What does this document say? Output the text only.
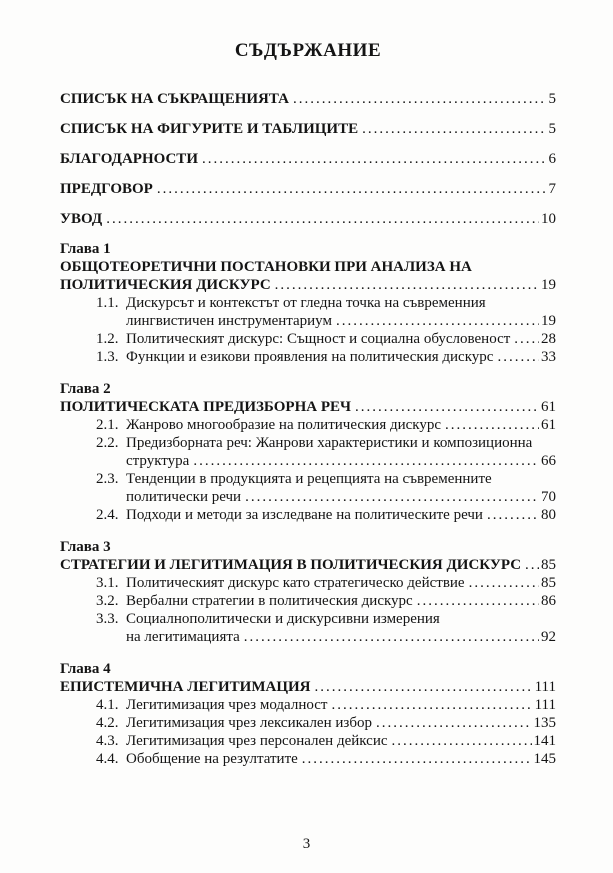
СЪДЪРЖАНИЕ
СПИСЪК НА СЪКРАЩЕНИЯТА .....	5
СПИСЪК НА ФИГУРИТЕ И ТАБЛИЦИТЕ .....	5
БЛАГОДАРНОСТИ .....	6
ПРЕДГОВОР .....	7
УВОД .....	10
Глава 1
ОБЩОТЕОРЕТИЧНИ ПОСТАНОВКИ ПРИ АНАЛИЗА НА
ПОЛИТИЧЕСКИЯ ДИСКУРС .....	19
1.1. Дискурсът и контекстът от гледна точка на съвременния
лингвистичен инструментариум .....	19
1.2. Политическият дискурс: Същност и социална обусловеност ..... 28
1.3. Функции и езикови проявления на политическия дискурс .....	33
Глава 2
ПОЛИТИЧЕСКАТА ПРЕДИЗБОРНА РЕЧ .....	61
2.1. Жанрово многообразие на политическия дискурс .....	61
2.2. Предизборната реч: Жанрови характеристики и композиционна
структура .....	66
2.3. Тенденции в продукцията и рецепцията на съвременните
политически речи .....	70
2.4. Подходи и методи за изследване на политическите речи .....	80
Глава 3
СТРАТЕГИИ И ЛЕГИТИМАЦИЯ В ПОЛИТИЧЕСКИЯ ДИСКУРС ..... 85
3.1. Политическият дискурс като стратегическо действие .....	85
3.2. Вербални стратегии в политическия дискурс .....	86
3.3. Социалнополитически и дискурсивни измерения
на легитимацията .....	92
Глава 4
ЕПИСТЕМИЧНА ЛЕГИТИМАЦИЯ .....	111
4.1. Легитимизация чрез модалност .....	111
4.2. Легитимизация чрез лексикален избор .....	135
4.3. Легитимизация чрез персонален дейксис .....	141
4.4. Обобщение на резултатите .....	145
3
